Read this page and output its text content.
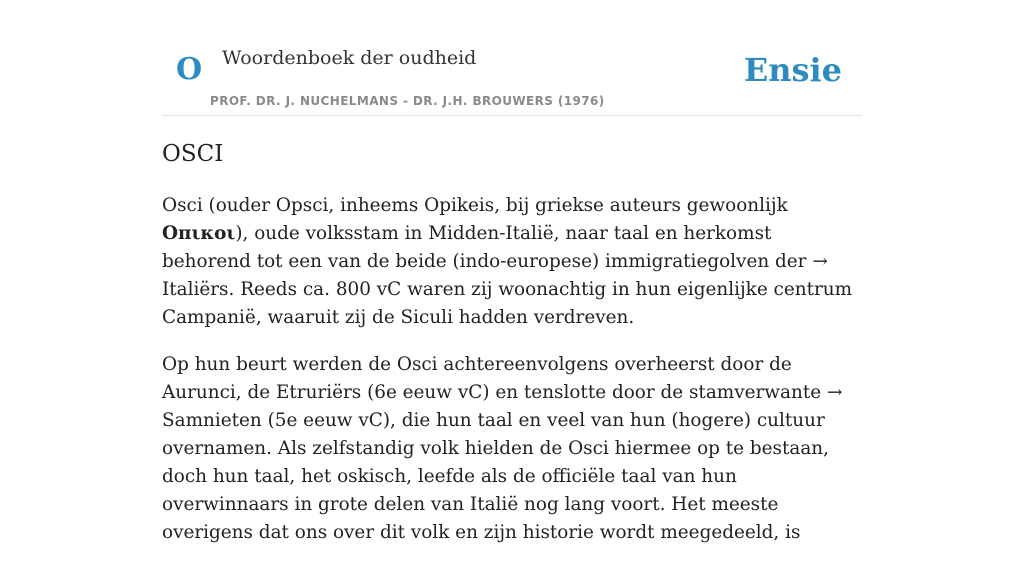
O Woordenboek der oudheid
PROF. DR. J. NUCHELMANS - DR. J.H. BROUWERS (1976)
Ensie
OSCI

Osci (ouder Opsci, inheems Opikeis, bij griekse auteurs gewoonlijk Οπικοι), oude volksstam in Midden-Italië, naar taal en herkomst behorend tot een van de beide (indo-europese) immigratiegolven der → Italiërs. Reeds ca. 800 vC waren zij woonachtig in hun eigenlijke centrum Campanië, waaruit zij de Siculi hadden verdreven.

Op hun beurt werden de Osci achtereenvolgens overheerst door de Aurunci, de Etruriërs (6e eeuw vC) en tenslotte door de stamverwante → Samnieten (5e eeuw vC), die hun taal en veel van hun (hogere) cultuur overnamen. Als zelfstandig volk hielden de Osci hiermee op te bestaan, doch hun taal, het oskisch, leefde als de officiële taal van hun overwinnaars in grote delen van Italië nog lang voort. Het meeste overigens dat ons over dit volk en zijn historie wordt meegedeeld, is
